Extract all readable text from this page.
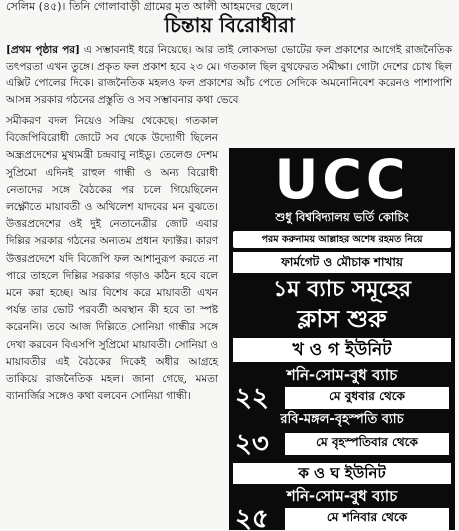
সেলিম (৪৫)। তিনি গোলাবাড়ী গ্রামের মৃত আলী আহমদের ছেলে।
চিন্তায় বিরোধীরা

[প্রথম পৃষ্ঠার পর] এ সম্ভাবনাই ধরে নিয়েছে। আর তাই লোকসভা ভোটের ফল প্রকাশের আগেই রাজনৈতিক তৎপরতা এখন তুঙ্গে। প্রকৃত ফল প্রকাশ হবে ২৩ মে। গতকাল ছিল বুথফেরত সমীক্ষা। গোটা দেশের চোখ ছিল এক্সিট পোলের দিকে। রাজনৈতিক মহলও ফল প্রকাশের আঁচ পেতে সেদিকে অমনোনিবেশ করেনও পাশাপাশি আসন্ন সরকার গঠনের প্রস্তুতি ও সব সম্ভাবনার কথা ভেবে

সমীকরণ বদল নিয়েও সক্রিয় থেকেছে। গতকাল বিজেপিবিরোধী জোটে সব থেকে উদ্যোগী ছিলেন অন্ধ্রপ্রদেশের মুখ্যমন্ত্রী চন্দ্রবাবু নাইডু। তেলেগু দেশম সুপ্রিমো এদিনই রাহুল গান্ধী ও অন্য বিরোধী নেতাদের সঙ্গে বৈঠকের পর চলে গিয়েছিলেন লক্ষ্ণৌতে মায়াবতী ও অখিলেশ যাদবের মন বুঝতে। উত্তরপ্রদেশের ওই দুই নেতানেত্রীর জোট এবার দিল্লির সরকার গঠনের অন্যতম প্রধান ফ্যাক্টর। কারণ উত্তরপ্রদেশে যদি বিজেপি ফল আশানুরূপ করতে না পারে তাহলে দিল্লির সরকার গড়াও কঠিন হবে বলে মনে করা হচ্ছে। আর বিশেষ করে মায়াবতী এখন পর্যন্ত তার ভোট পরবর্তী অবস্থান কী হবে তা স্পষ্ট করেননি। তবে আজ দিল্লিতে সোনিয়া গান্ধীর সঙ্গে দেখা করবেন বিএসপি সুপ্রিমো মায়াবতী। সোনিয়া ও মায়াবতীর এই বৈঠকের দিকেই অধীর আগ্রহে তাকিয়ে রাজনৈতিক মহল। জানা গেছে, মমতা ব্যানার্জির সঙ্গেও কথা বলবেন সোনিয়া গান্ধী।

UCC
শুধু বিশ্ববিদ্যালয় ভর্তি কোচিং
পরম করুনাময় আল্লাহর অশেষ রহমত নিয়ে
ফার্মগেট ও মৌচাক শাখায়
১ম ব্যাচ সমূহের
ক্লাস শুরু
খ ও গ ইউনিট
শনি-সোম-বুধ ব্যাচ
২২	মে বুধবার থেকে
রবি-মঙ্গল-বৃহস্পতি ব্যাচ
২৩	মে বৃহস্পতিবার থেকে
ক ও ঘ ইউনিট
শনি-সোম-বুধ ব্যাচ
২৫	মে শনিবার থেকে
